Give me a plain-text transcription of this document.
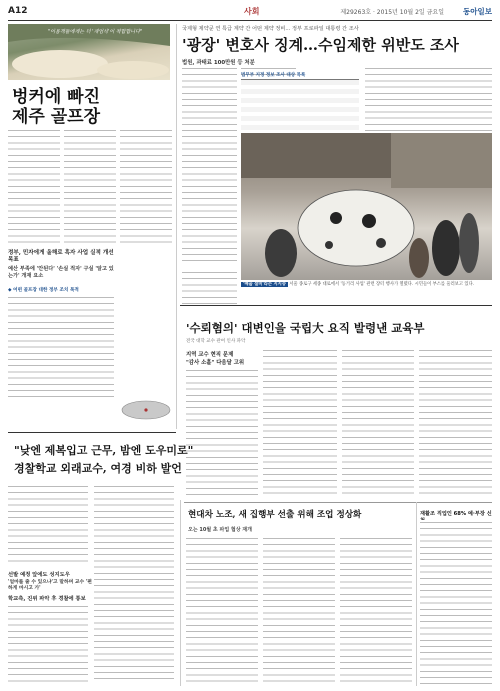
A12	사회	제29263호 · 2015년 10월 2일 금요일	동아일보
"이용객들에게는 더 '계엄식'이 적합합니다"
벙커에 빠진
제주 골프장
정부, 민자에게 올해로 흑자 사업 실적 개선 목표
예산 부족에 '안된다' '손실 적자' 구실 '알고 있는가' 개재 요소
◆ 어떤 골프장 대한 정부 조치 목적
국제형 제약쿤 연 특급 계약 간 어떤 제약 정비... 정부 프로파일 대통령 간 조사
'광장' 변호사 징계…수임제한 위반도 조사
법원, 과태료 100만원 등 처분
법무부 지정 정보 조사 대상 목록
'배출 설비'라는 지지증 서울 종로구 세종 대로에서 '동거리 사업' 관련 장터 행사가 열렸다. 시민들이 부스를 둘러보고 있다.
'수뢰혐의' 대변인을 국립大 요직 발령낸 교육부
전국 대학 교수 관여 인사 파악
지역 교수 현직 문제
"감사 소홀" 다음달 고위
"낮엔 제복입고 근무, 밤엔 도우미로"
경찰학교 외래교수, 여경 비하 발언
선발 예정 앞에도 성지도우
'얼마를 줄 수 있으냐'고 말하며 교수 '편하게 마시고 가'
학교측, 진위 파악 후 경찰에 통보
현대차 노조, 새 집행부 선출 위해 조업 정상화
오는 10월 초 파업 협상 재개
재활조 직업인 68% 예·부장 신
